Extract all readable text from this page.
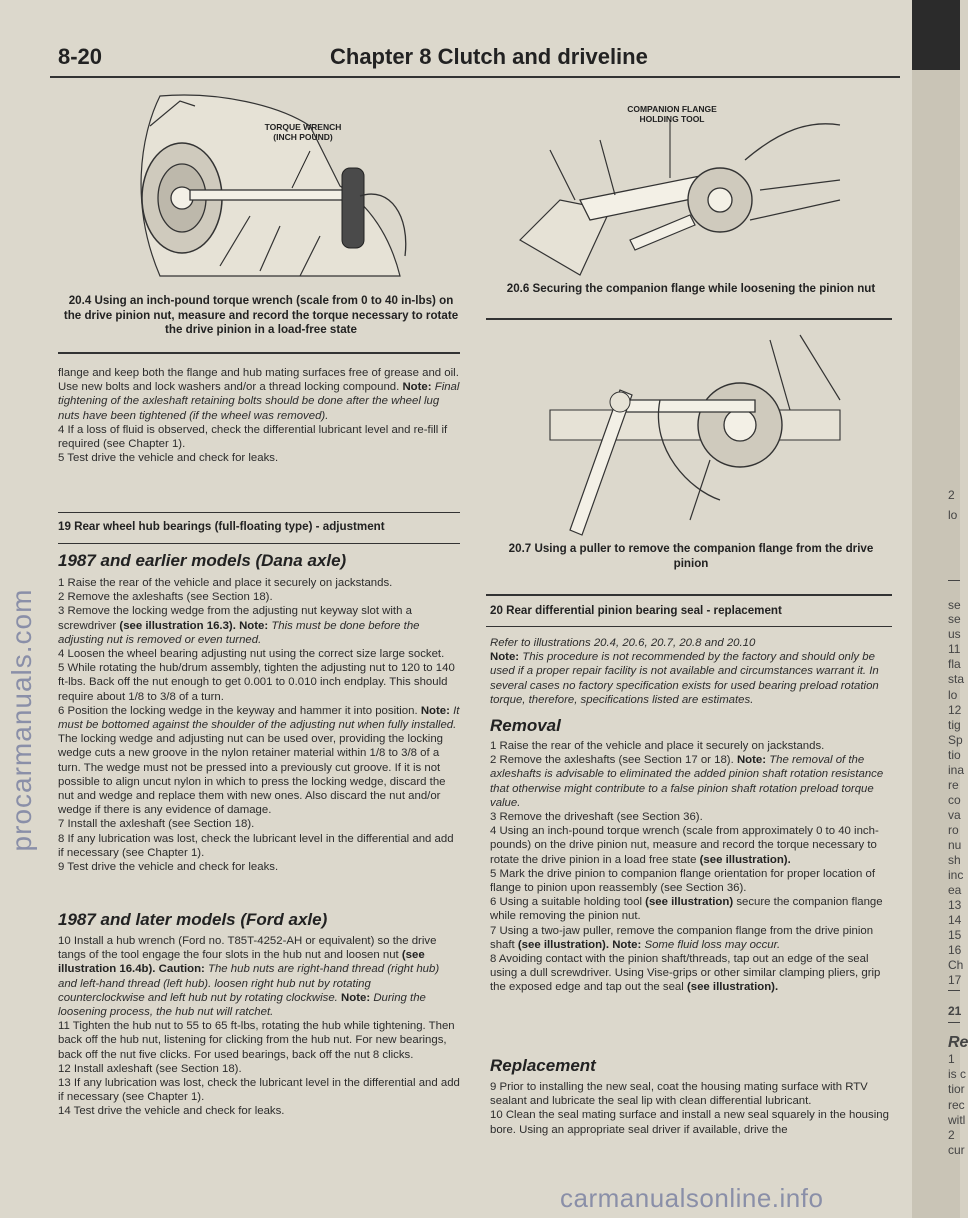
8-20	Chapter 8 Clutch and driveline
TORQUE WRENCH
(INCH POUND)
20.4 Using an inch-pound torque wrench (scale from 0 to 40 in-lbs) on the drive pinion nut, measure and record the torque necessary to rotate the drive pinion in a load-free state

flange and keep both the flange and hub mating surfaces free of grease and oil. Use new bolts and lock washers and/or a thread locking compound. Note: Final tightening of the axleshaft retaining bolts should be done after the wheel lug nuts have been tightened (if the wheel was removed).

4 If a loss of fluid is observed, check the differential lubricant level and re-fill if required (see Chapter 1).

5 Test drive the vehicle and check for leaks.

19 Rear wheel hub bearings (full-floating type) - adjustment
1987 and earlier models (Dana axle)

1 Raise the rear of the vehicle and place it securely on jackstands.

2 Remove the axleshafts (see Section 18).

3 Remove the locking wedge from the adjusting nut keyway slot with a screwdriver (see illustration 16.3). Note: This must be done before the adjusting nut is removed or even turned.

4 Loosen the wheel bearing adjusting nut using the correct size large socket.

5 While rotating the hub/drum assembly, tighten the adjusting nut to 120 to 140 ft-lbs. Back off the nut enough to get 0.001 to 0.010 inch endplay. This should require about 1/8 to 3/8 of a turn.

6 Position the locking wedge in the keyway and hammer it into position. Note: It must be bottomed against the shoulder of the adjusting nut when fully installed. The locking wedge and adjusting nut can be used over, providing the locking wedge cuts a new groove in the nylon retainer material within 1/8 to 3/8 of a turn. The wedge must not be pressed into a previously cut groove. If it is not possible to align uncut nylon in which to press the locking wedge, discard the nut and wedge and replace them with new ones. Also discard the nut and/or wedge if there is any evidence of damage.

7 Install the axleshaft (see Section 18).

8 If any lubrication was lost, check the lubricant level in the differential and add if necessary (see Chapter 1).

9 Test drive the vehicle and check for leaks.

1987 and later models (Ford axle)

10 Install a hub wrench (Ford no. T85T-4252-AH or equivalent) so the drive tangs of the tool engage the four slots in the hub nut and loosen nut (see illustration 16.4b). Caution: The hub nuts are right-hand thread (right hub) and left-hand thread (left hub). loosen right hub nut by rotating counterclockwise and left hub nut by rotating clockwise. Note: During the loosening process, the hub nut will ratchet.

11 Tighten the hub nut to 55 to 65 ft-lbs, rotating the hub while tightening. Then back off the hub nut, listening for clicking from the hub nut. For new bearings, back off the nut five clicks. For used bearings, back off the nut 8 clicks.

12 Install axleshaft (see Section 18).

13 If any lubrication was lost, check the lubricant level in the differential and add if necessary (see Chapter 1).

14 Test drive the vehicle and check for leaks.

COMPANION FLANGE
HOLDING TOOL
20.6 Securing the companion flange while loosening the pinion nut
20.7 Using a puller to remove the companion flange from the drive pinion
20 Rear differential pinion bearing seal - replacement

Refer to illustrations 20.4, 20.6, 20.7, 20.8 and 20.10

Note: This procedure is not recommended by the factory and should only be used if a proper repair facility is not available and circumstances warrant it. In several cases no factory specification exists for used bearing preload rotation torque, therefore, specifications listed are estimates.

Removal

1 Raise the rear of the vehicle and place it securely on jackstands.

2 Remove the axleshafts (see Section 17 or 18). Note: The removal of the axleshafts is advisable to eliminated the added pinion shaft rotation resistance that otherwise might contribute to a false pinion shaft rotation preload torque value.

3 Remove the driveshaft (see Section 36).

4 Using an inch-pound torque wrench (scale from approximately 0 to 40 inch-pounds) on the drive pinion nut, measure and record the torque necessary to rotate the drive pinion in a load free state (see illustration).

5 Mark the drive pinion to companion flange orientation for proper location of flange to pinion upon reassembly (see Section 36).

6 Using a suitable holding tool (see illustration) secure the companion flange while removing the pinion nut.

7 Using a two-jaw puller, remove the companion flange from the drive pinion shaft (see illustration). Note: Some fluid loss may occur.

8 Avoiding contact with the pinion shaft/threads, tap out an edge of the seal using a dull screwdriver. Using Vise-grips or other similar clamping pliers, grip the exposed edge and tap out the seal (see illustration).

Replacement

9 Prior to installing the new seal, coat the housing mating surface with RTV sealant and lubricate the seal lip with clean differential lubricant.

10 Clean the seal mating surface and install a new seal squarely in the housing bore. Using an appropriate seal driver if available, drive the

procarmanuals.com
carmanualsonline.info
2
lo
se
se
us
11
fla
sta
lo
12
tig
Sp
tio
ina
re
co
va
ro
nu
sh
inc
ea
13
14
15
16
Ch
17
21
Re
1
is c
tior
rec
witl
2
cur
